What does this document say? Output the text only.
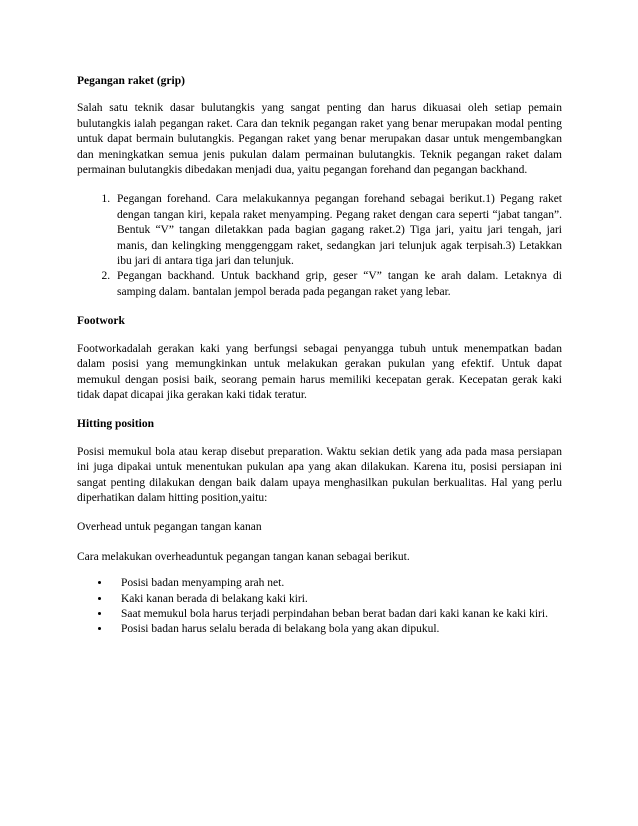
Pegangan raket (grip)

Salah satu teknik dasar bulutangkis yang sangat penting dan harus dikuasai oleh setiap pemain bulutangkis ialah pegangan raket. Cara dan teknik pegangan raket yang benar merupakan modal penting untuk dapat bermain bulutangkis. Pegangan raket yang benar merupakan dasar untuk mengembangkan dan meningkatkan semua jenis pukulan dalam permainan bulutangkis. Teknik pegangan raket dalam permainan bulutangkis dibedakan menjadi dua, yaitu pegangan forehand dan pegangan backhand.

1. Pegangan forehand. Cara melakukannya pegangan forehand sebagai berikut.1) Pegang raket dengan tangan kiri, kepala raket menyamping. Pegang raket dengan cara seperti “jabat tangan”. Bentuk “V” tangan diletakkan pada bagian gagang raket.2) Tiga jari, yaitu jari tengah, jari manis, dan kelingking menggenggam raket, sedangkan jari telunjuk agak terpisah.3) Letakkan ibu jari di antara tiga jari dan telunjuk.
2. Pegangan backhand. Untuk backhand grip, geser “V” tangan ke arah dalam. Letaknya di samping dalam. bantalan jempol berada pada pegangan raket yang lebar.
Footwork

Footworkadalah gerakan kaki yang berfungsi sebagai penyangga tubuh untuk menempatkan badan dalam posisi yang memungkinkan untuk melakukan gerakan pukulan yang efektif. Untuk dapat memukul dengan posisi baik, seorang pemain harus memiliki kecepatan gerak. Kecepatan gerak kaki tidak dapat dicapai jika gerakan kaki tidak teratur.

Hitting position

Posisi memukul bola atau kerap disebut preparation. Waktu sekian detik yang ada pada masa persiapan ini juga dipakai untuk menentukan pukulan apa yang akan dilakukan. Karena itu, posisi persiapan ini sangat penting dilakukan dengan baik dalam upaya menghasilkan pukulan berkualitas. Hal yang perlu diperhatikan dalam hitting position,yaitu:

Overhead untuk pegangan tangan kanan

Cara melakukan overheaduntuk pegangan tangan kanan sebagai berikut.

• Posisi badan menyamping arah net.
• Kaki kanan berada di belakang kaki kiri.
• Saat memukul bola harus terjadi perpindahan beban berat badan dari kaki kanan ke kaki kiri.
• Posisi badan harus selalu berada di belakang bola yang akan dipukul.
